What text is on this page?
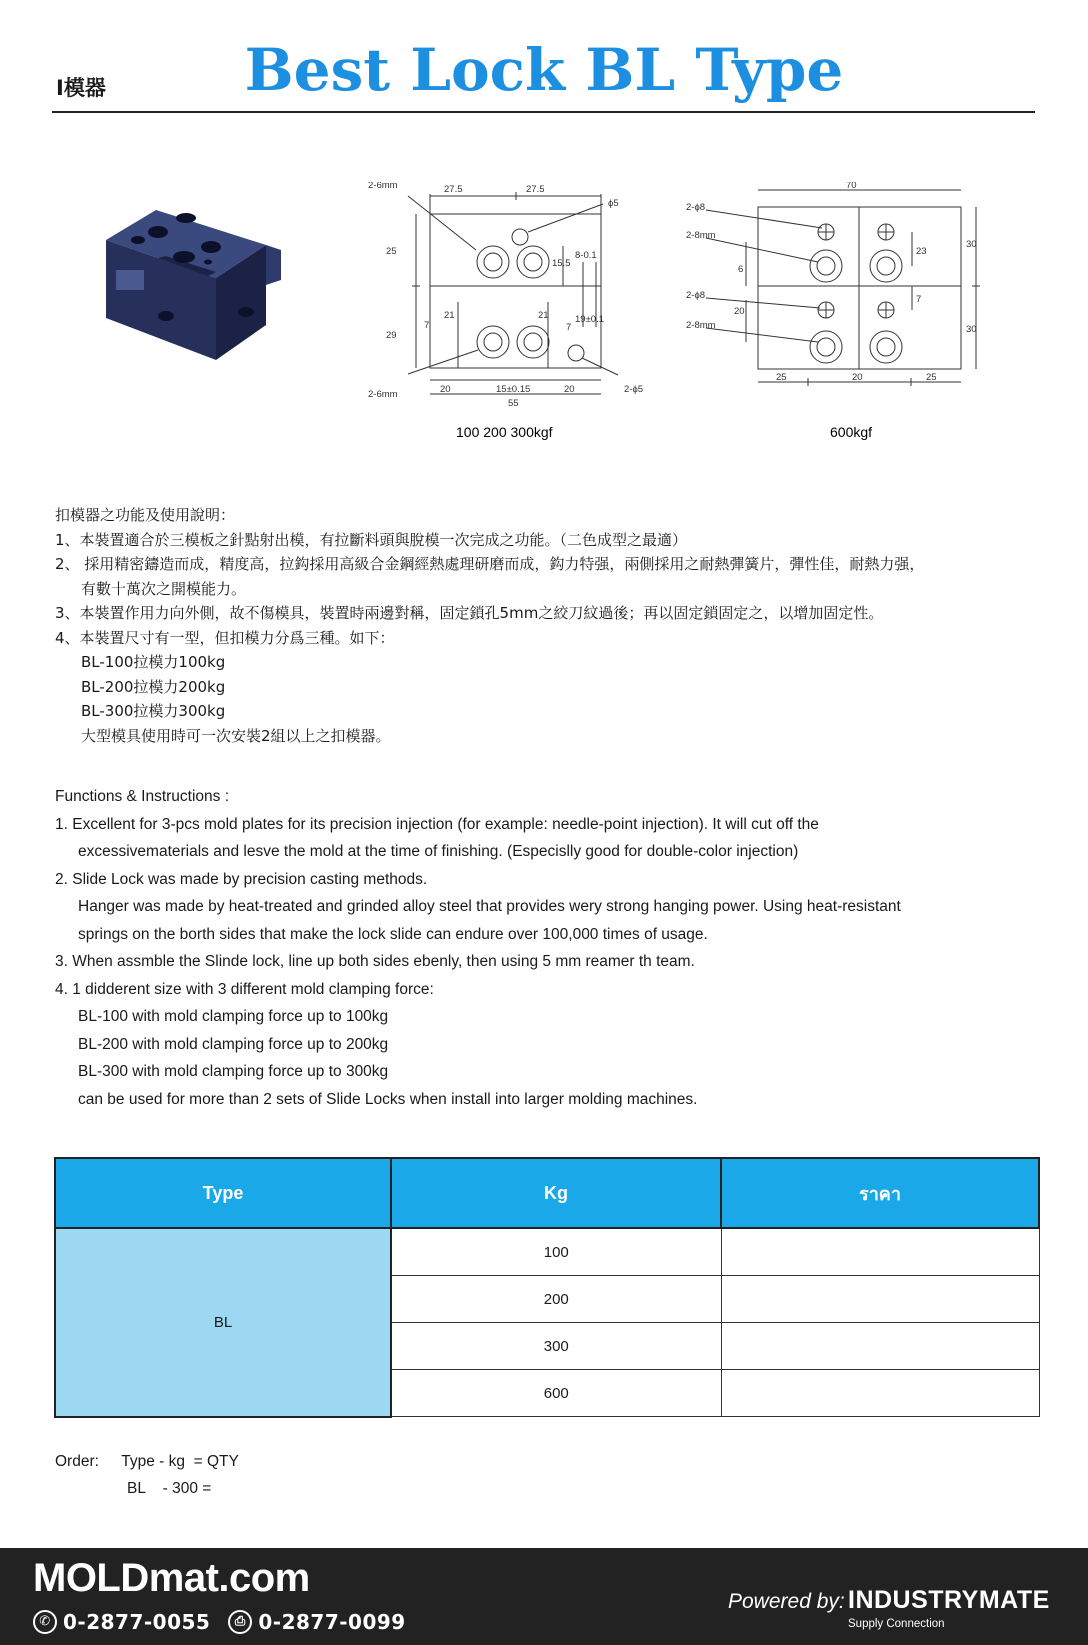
I模器	Best Lock BL Type
2-6mm	27.5	27.5
ϕ5
25
15.5
8-0.1
19±0.1
21	21
7	7
29
2-6mm	20	15±0.15	20
55
2-ϕ5
100 200 300kgf
70
2-ϕ8
2-8mm
6
23
30
2-ϕ8
2-8mm
20
7
30
25	20	25
600kgf
扣模器之功能及使用說明：
1、本裝置適合於三模板之針點射出模，有拉斷料頭與脫模一次完成之功能。（二色成型之最適）
2、 採用精密鑄造而成，精度高，拉鈎採用高級合金鋼經熱處理研磨而成，鈎力特强，兩側採用之耐熱彈簧片，彈性佳，耐熱力强，
有數十萬次之開模能力。
3、本裝置作用力向外側，故不傷模具，裝置時兩邊對稱，固定鎖孔5mm之絞刀紋過後；再以固定鎖固定之，以增加固定性。
4、本裝置尺寸有一型，但扣模力分爲三種。如下：
BL-100拉模力100kg
BL-200拉模力200kg
BL-300拉模力300kg
大型模具使用時可一次安裝2組以上之扣模器。
Functions & Instructions :
1. Excellent for 3-pcs mold plates for its precision injection (for example: needle-point injection). It will cut off the
excessivematerials and lesve the mold at the time of finishing. (Especislly good for double-color injection)
2. Slide Lock was made by precision casting methods.
Hanger was made by heat-treated and grinded alloy steel that provides wery strong hanging power. Using heat-resistant
springs on the borth sides that make the lock slide can endure over 100,000 times of usage.
3. When assmble the Slinde lock, line up both sides ebenly, then using 5 mm reamer th team.
4. 1 didderent size with 3 different mold clamping force:
BL-100 with mold clamping force up to 100kg
BL-200 with mold clamping force up to 200kg
BL-300 with mold clamping force up to 300kg
can be used for more than 2 sets of Slide Locks when install into larger molding machines.
Type	Kg	ราคา
BL	100	
	200	
	300	
	600	
Order: Type - kg  = QTY
BL    - 300 =
MOLDmat.com
✆ 0-2877-0055	⎙ 0-2877-0099
Powered by: INDUSTRYMATE
Supply Connection
